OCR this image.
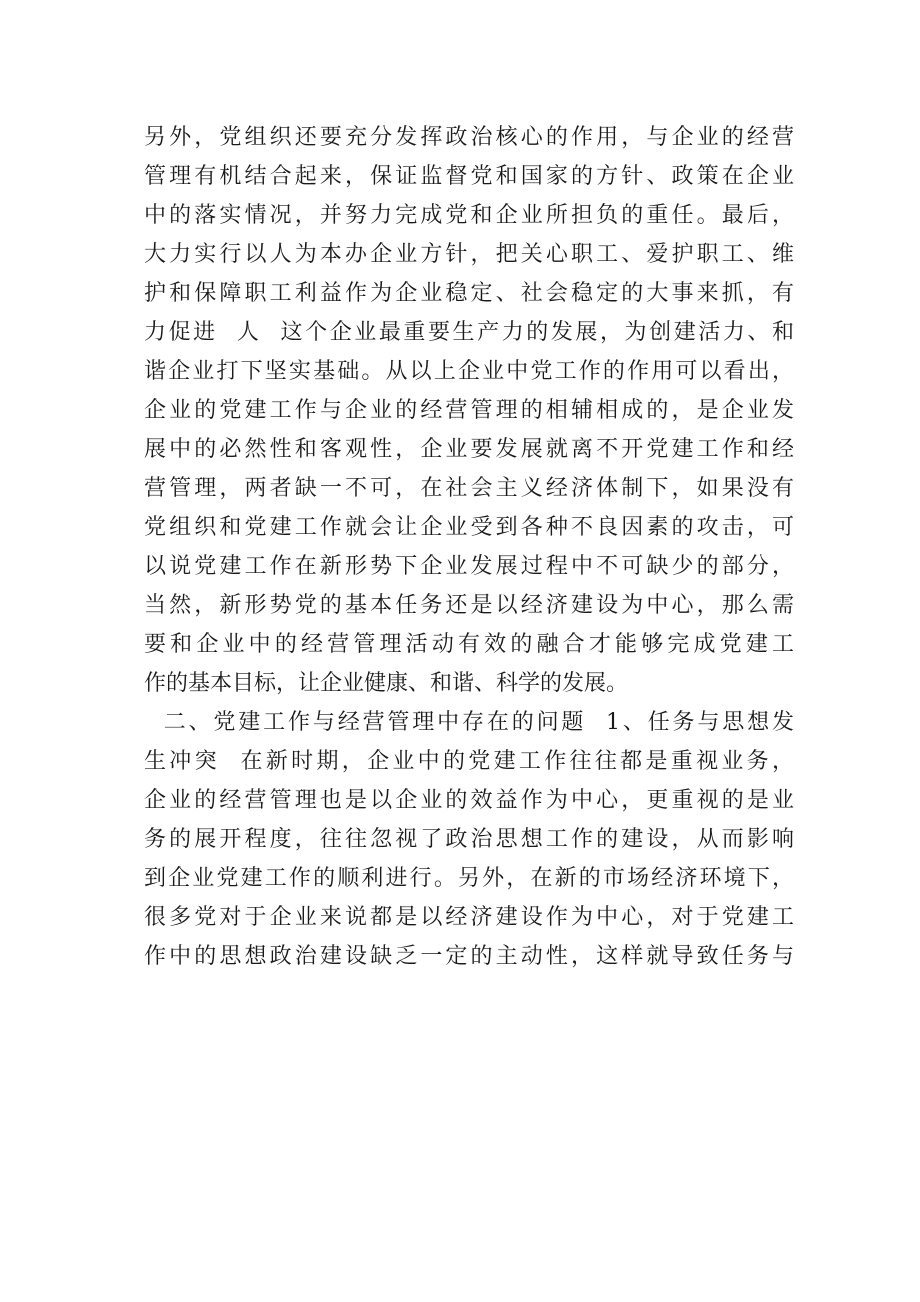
另外，党组织还要充分发挥政治核心的作用，与企业的经营
管理有机结合起来，保证监督党和国家的方针、政策在企业
中的落实情况，并努力完成党和企业所担负的重任。最后，
大力实行以人为本办企业方针，把关心职工、爱护职工、维
护和保障职工利益作为企业稳定、社会稳定的大事来抓，有
力促进  人  这个企业最重要生产力的发展，为创建活力、和
谐企业打下坚实基础。从以上企业中党工作的作用可以看出，
企业的党建工作与企业的经营管理的相辅相成的，是企业发
展中的必然性和客观性，企业要发展就离不开党建工作和经
营管理，两者缺一不可，在社会主义经济体制下，如果没有
党组织和党建工作就会让企业受到各种不良因素的攻击，可
以说党建工作在新形势下企业发展过程中不可缺少的部分，
当然，新形势党的基本任务还是以经济建设为中心，那么需
要和企业中的经营管理活动有效的融合才能够完成党建工
作的基本目标，让企业健康、和谐、科学的发展。
二、党建工作与经营管理中存在的问题  1、任务与思想发
生冲突  在新时期，企业中的党建工作往往都是重视业务，
企业的经营管理也是以企业的效益作为中心，更重视的是业
务的展开程度，往往忽视了政治思想工作的建设，从而影响
到企业党建工作的顺利进行。另外，在新的市场经济环境下，
很多党对于企业来说都是以经济建设作为中心，对于党建工
作中的思想政治建设缺乏一定的主动性，这样就导致任务与
